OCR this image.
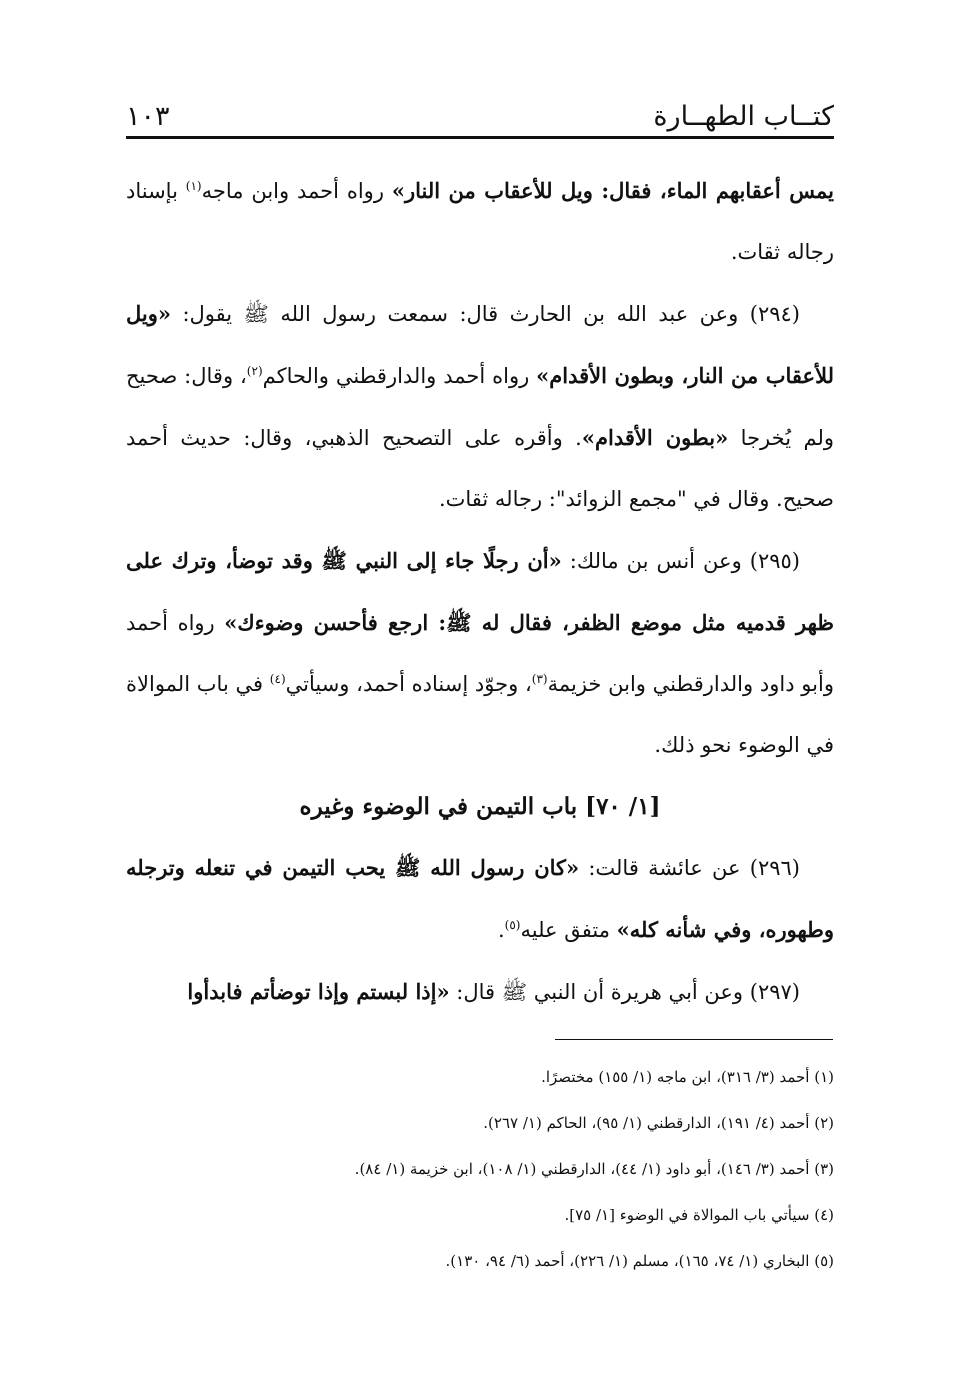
كتــاب الطهــارة
١٠٣

يمس أعقابهم الماء، فقال: ويل للأعقاب من النار» رواه أحمد وابن ماجه$^{(١)}$ بإسناد رجاله ثقات.

(٢٩٤) وعن عبد الله بن الحارث قال: سمعت رسول الله ﷺ يقول: «ويل للأعقاب من النار، وبطون الأقدام» رواه أحمد والدارقطني والحاكم$^{(٢)}$، وقال: صحيح ولم يُخرجا «بطون الأقدام». وأقره على التصحيح الذهبي، وقال: حديث أحمد صحيح. وقال في "مجمع الزوائد": رجاله ثقات.

(٢٩٥) وعن أنس بن مالك: «أن رجلًا جاء إلى النبي ﷺ وقد توضأ، وترك على ظهر قدميه مثل موضع الظفر، فقال له ﷺ: ارجع فأحسن وضوءك» رواه أحمد وأبو داود والدارقطني وابن خزيمة$^{(٣)}$، وجوّد إسناده أحمد، وسيأتي$^{(٤)}$ في باب الموالاة في الوضوء نحو ذلك.

[١/ ٧٠] باب التيمن في الوضوء وغيره

(٢٩٦) عن عائشة قالت: «كان رسول الله ﷺ يحب التيمن في تنعله وترجله وطهوره، وفي شأنه كله» متفق عليه$^{(٥)}$.

(٢٩٧) وعن أبي هريرة أن النبي ﷺ قال: «إذا لبستم وإذا توضأتم فابدأوا

(١) أحمد (٣/ ٣١٦)، ابن ماجه (١/ ١٥٥) مختصرًا.

(٢) أحمد (٤/ ١٩١)، الدارقطني (١/ ٩٥)، الحاكم (١/ ٢٦٧).

(٣) أحمد (٣/ ١٤٦)، أبو داود (١/ ٤٤)، الدارقطني (١/ ١٠٨)، ابن خزيمة (١/ ٨٤).

(٤) سيأتي باب الموالاة في الوضوء [١/ ٧٥].

(٥) البخاري (١/ ٧٤، ١٦٥)، مسلم (١/ ٢٢٦)، أحمد (٦/ ٩٤، ١٣٠).
